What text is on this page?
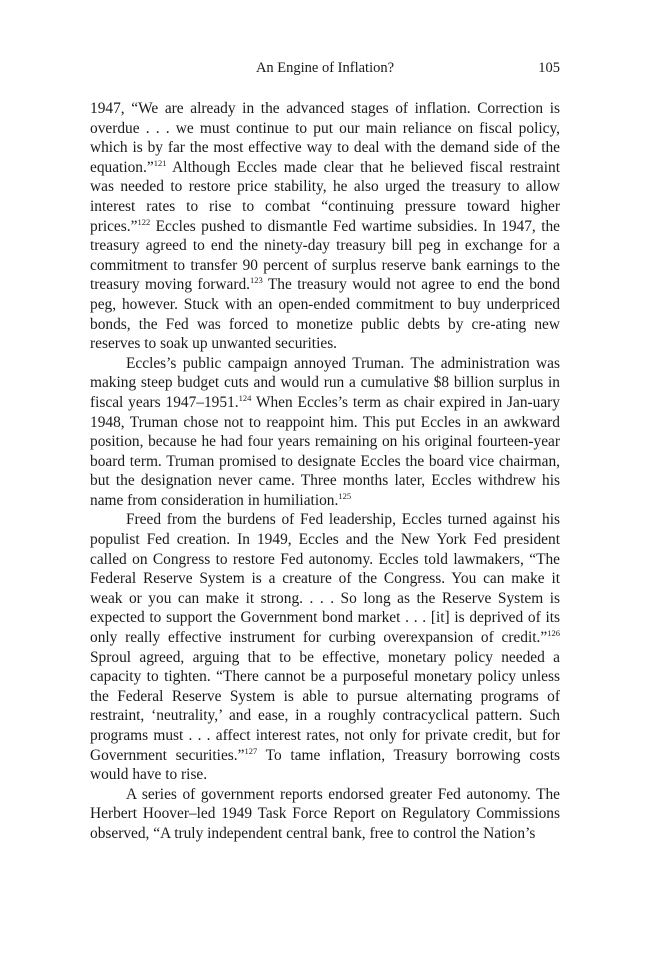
An Engine of Inflation?	105

1947, “We are already in the advanced stages of inflation. Correction is overdue . . . we must continue to put our main reliance on fiscal policy, which is by far the most effective way to deal with the demand side of the equation.”$^{121}$ Although Eccles made clear that he believed fiscal restraint was needed to restore price stability, he also urged the treasury to allow interest rates to rise to combat “continuing pressure toward higher prices.”$^{122}$ Eccles pushed to dismantle Fed wartime subsidies. In 1947, the treasury agreed to end the ninety-day treasury bill peg in exchange for a commitment to transfer 90 percent of surplus reserve bank earnings to the treasury moving forward.$^{123}$ The treasury would not agree to end the bond peg, however. Stuck with an open-ended commitment to buy underpriced bonds, the Fed was forced to monetize public debts by cre-ating new reserves to soak up unwanted securities.

Eccles’s public campaign annoyed Truman. The administration was making steep budget cuts and would run a cumulative $8 billion surplus in fiscal years 1947–1951.$^{124}$ When Eccles’s term as chair expired in Jan-uary 1948, Truman chose not to reappoint him. This put Eccles in an awkward position, because he had four years remaining on his original fourteen-year board term. Truman promised to designate Eccles the board vice chairman, but the designation never came. Three months later, Eccles withdrew his name from consideration in humiliation.$^{125}$

Freed from the burdens of Fed leadership, Eccles turned against his populist Fed creation. In 1949, Eccles and the New York Fed president called on Congress to restore Fed autonomy. Eccles told lawmakers, “The Federal Reserve System is a creature of the Congress. You can make it weak or you can make it strong. . . . So long as the Reserve System is expected to support the Government bond market . . . [it] is deprived of its only really effective instrument for curbing overexpansion of credit.”$^{126}$ Sproul agreed, arguing that to be effective, monetary policy needed a capacity to tighten. “There cannot be a purposeful monetary policy unless the Federal Reserve System is able to pursue alternating programs of restraint, ‘neutrality,’ and ease, in a roughly contracyclical pattern. Such programs must . . . affect interest rates, not only for private credit, but for Government securities.”$^{127}$ To tame inflation, Treasury borrowing costs would have to rise.

A series of government reports endorsed greater Fed autonomy. The Herbert Hoover–led 1949 Task Force Report on Regulatory Commissions observed, “A truly independent central bank, free to control the Nation’s
